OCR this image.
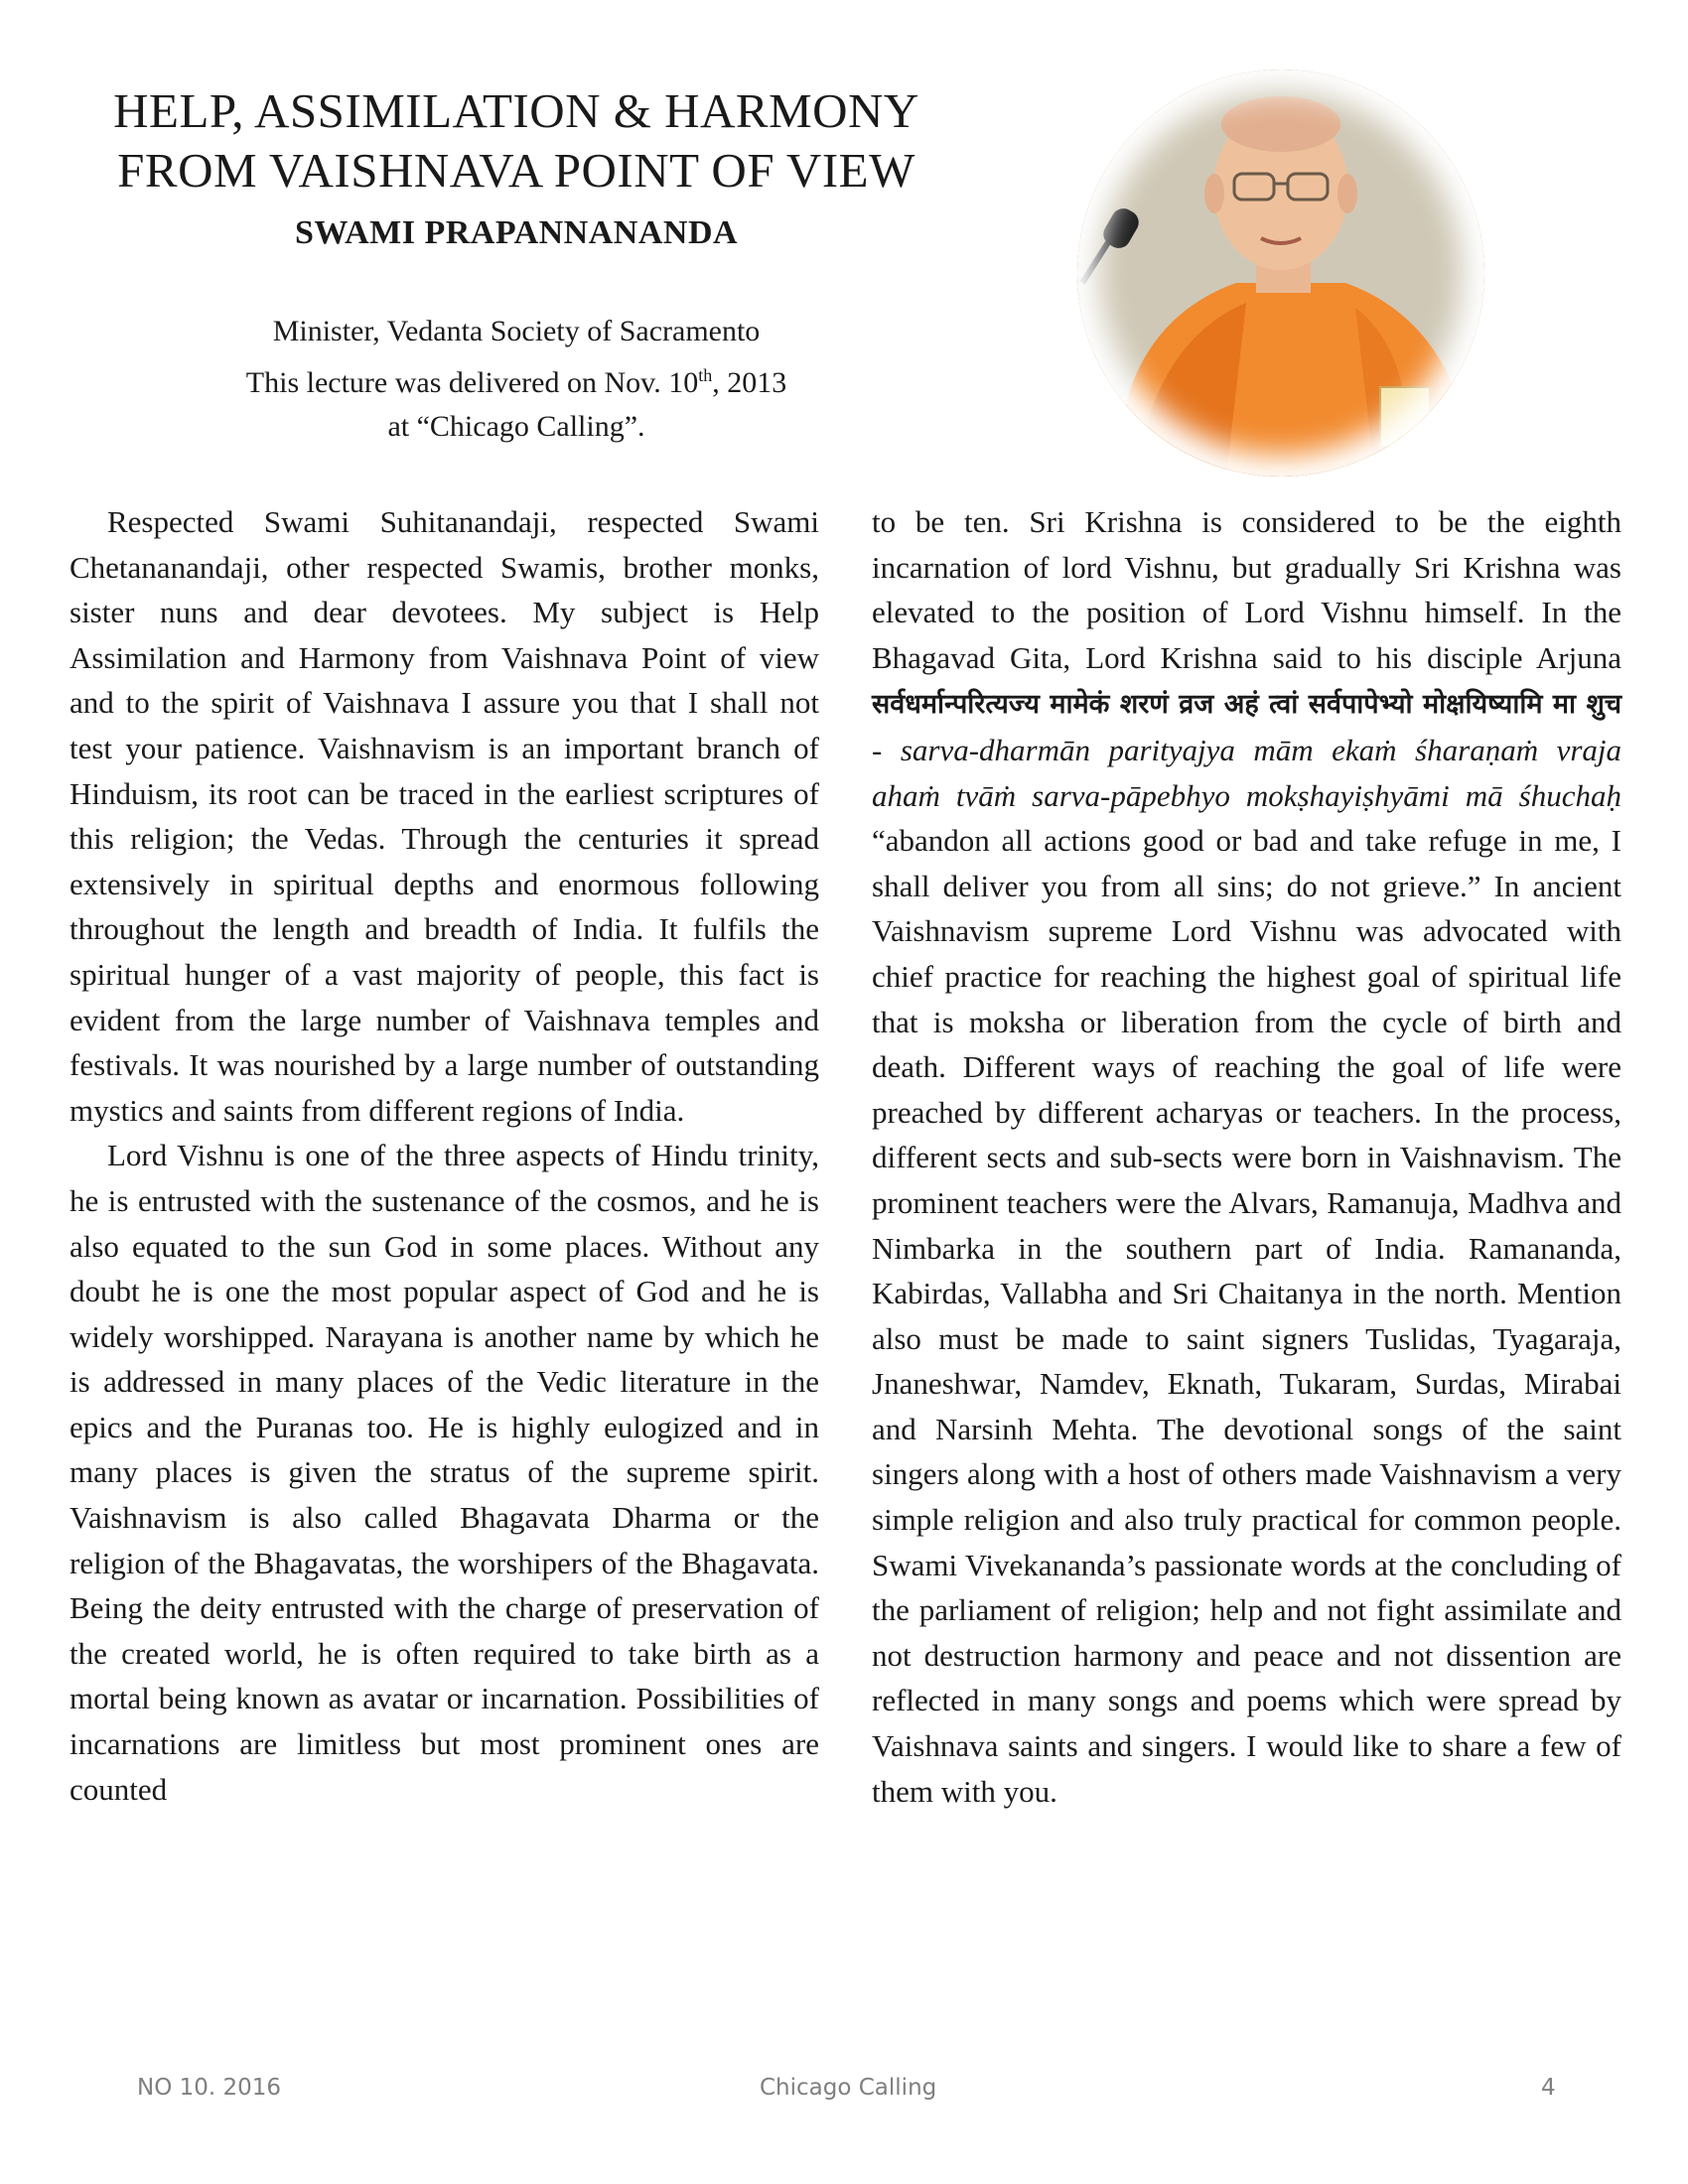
HELP, ASSIMILATION & HARMONY
FROM VAISHNAVA POINT OF VIEW
SWAMI PRAPANNANANDA
Minister, Vedanta Society of Sacramento
This lecture was delivered on Nov. 10th, 2013
at “Chicago Calling”.

Respected Swami Suhitanandaji, respected Swami Chetananandaji, other respected Swamis, brother monks, sister nuns and dear devotees. My subject is Help Assimilation and Harmony from Vaishnava Point of view and to the spirit of Vaishnava I assure you that I shall not test your patience. Vaishnavism is an important branch of Hinduism, its root can be traced in the earliest scriptures of this religion; the Vedas. Through the centuries it spread extensively in spiritual depths and enormous following throughout the length and breadth of India. It fulfils the spiritual hunger of a vast majority of people, this fact is evident from the large number of Vaishnava temples and festivals. It was nourished by a large number of outstanding mystics and saints from different regions of India.

Lord Vishnu is one of the three aspects of Hindu trinity, he is entrusted with the sustenance of the cosmos, and he is also equated to the sun God in some places. Without any doubt he is one the most popular aspect of God and he is widely worshipped. Narayana is another name by which he is addressed in many places of the Vedic literature in the epics and the Puranas too. He is highly eulogized and in many places is given the stratus of the supreme spirit. Vaishnavism is also called Bhagavata Dharma or the religion of the Bhagavatas, the worshipers of the Bhagavata. Being the deity entrusted with the charge of preservation of the created world, he is often required to take birth as a mortal being known as avatar or incarnation. Possibilities of incarnations are limitless but most prominent ones are counted

to be ten. Sri Krishna is considered to be the eighth incarnation of lord Vishnu, but gradually Sri Krishna was elevated to the position of Lord Vishnu himself. In the Bhagavad Gita, Lord Krishna said to his disciple Arjuna सर्वधर्मान्परित्यज्य मामेकं शरणं व्रज अहं त्वां सर्वपापेभ्यो मोक्षयिष्यामि मा शुच - sarva-dharmān parityajya mām ekaṁ śharaṇaṁ vraja ahaṁ tvāṁ sarva-pāpebhyo mokṣhayiṣhyāmi mā śhuchaḥ “abandon all actions good or bad and take refuge in me, I shall deliver you from all sins; do not grieve.” In ancient Vaishnavism supreme Lord Vishnu was advocated with chief practice for reaching the highest goal of spiritual life that is moksha or liberation from the cycle of birth and death. Different ways of reaching the goal of life were preached by different acharyas or teachers. In the process, different sects and sub-sects were born in Vaishnavism. The prominent teachers were the Alvars, Ramanuja, Madhva and Nimbarka in the southern part of India. Ramananda, Kabirdas, Vallabha and Sri Chaitanya in the north. Mention also must be made to saint signers Tuslidas, Tyagaraja, Jnaneshwar, Namdev, Eknath, Tukaram, Surdas, Mirabai and Narsinh Mehta. The devotional songs of the saint singers along with a host of others made Vaishnavism a very simple religion and also truly practical for common people. Swami Vivekananda’s passionate words at the concluding of the parliament of religion; help and not fight assimilate and not destruction harmony and peace and not dissention are reflected in many songs and poems which were spread by Vaishnava saints and singers. I would like to share a few of them with you.

NO 10. 2016	Chicago Calling	4
